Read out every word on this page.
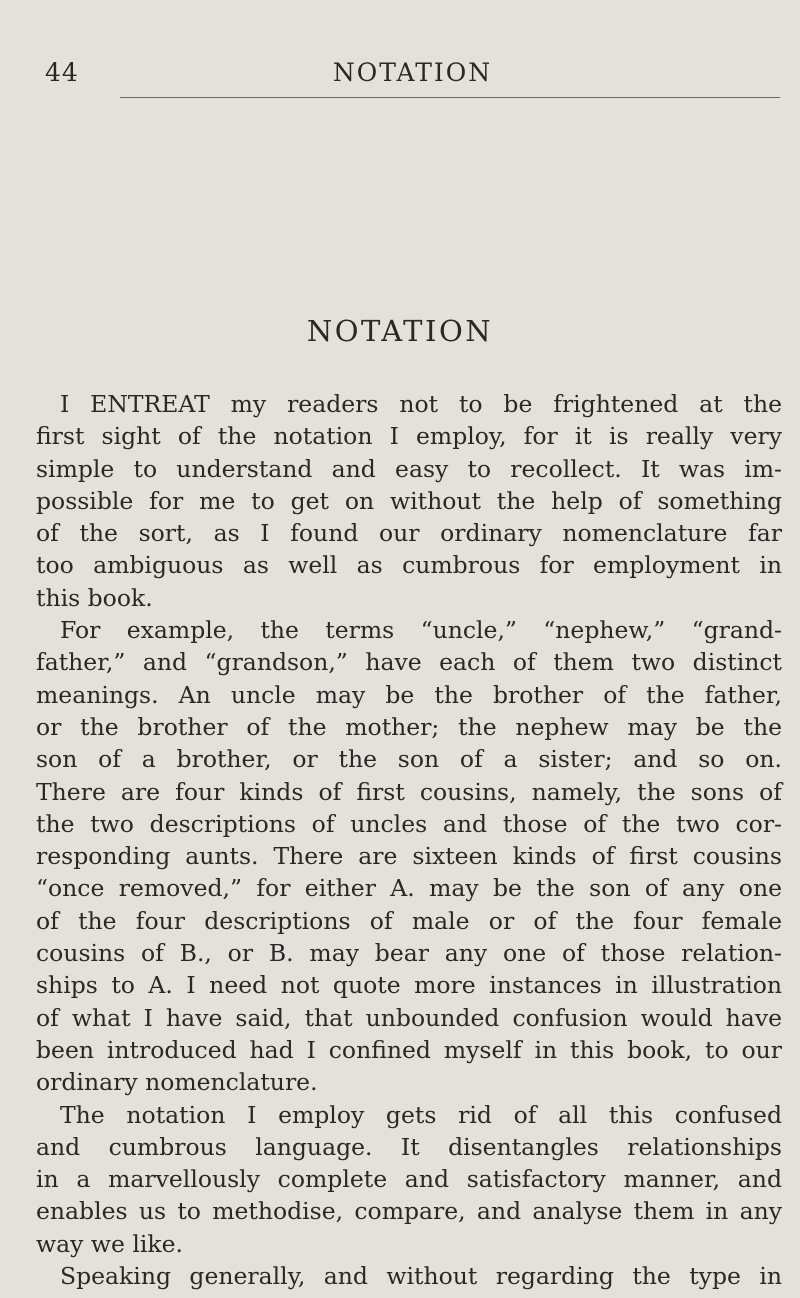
44	NOTATION
NOTATION
I ENTREAT my readers not to be frightened at the
first sight of the notation I employ, for it is really very
simple to understand and easy to recollect. It was im-
possible for me to get on without the help of something
of the sort, as I found our ordinary nomenclature far
too ambiguous as well as cumbrous for employment in
this book.
For example, the terms “uncle,” “nephew,” “grand-
father,” and “grandson,” have each of them two distinct
meanings. An uncle may be the brother of the father,
or the brother of the mother; the nephew may be the
son of a brother, or the son of a sister; and so on.
There are four kinds of first cousins, namely, the sons of
the two descriptions of uncles and those of the two cor-
responding aunts. There are sixteen kinds of first cousins
“once removed,” for either A. may be the son of any one
of the four descriptions of male or of the four female
cousins of B., or B. may bear any one of those relation-
ships to A. I need not quote more instances in illustration
of what I have said, that unbounded confusion would have
been introduced had I confined myself in this book, to our
ordinary nomenclature.
The notation I employ gets rid of all this confused
and cumbrous language. It disentangles relationships
in a marvellously complete and satisfactory manner, and
enables us to methodise, compare, and analyse them in any
way we like.
Speaking generally, and without regarding the type in
